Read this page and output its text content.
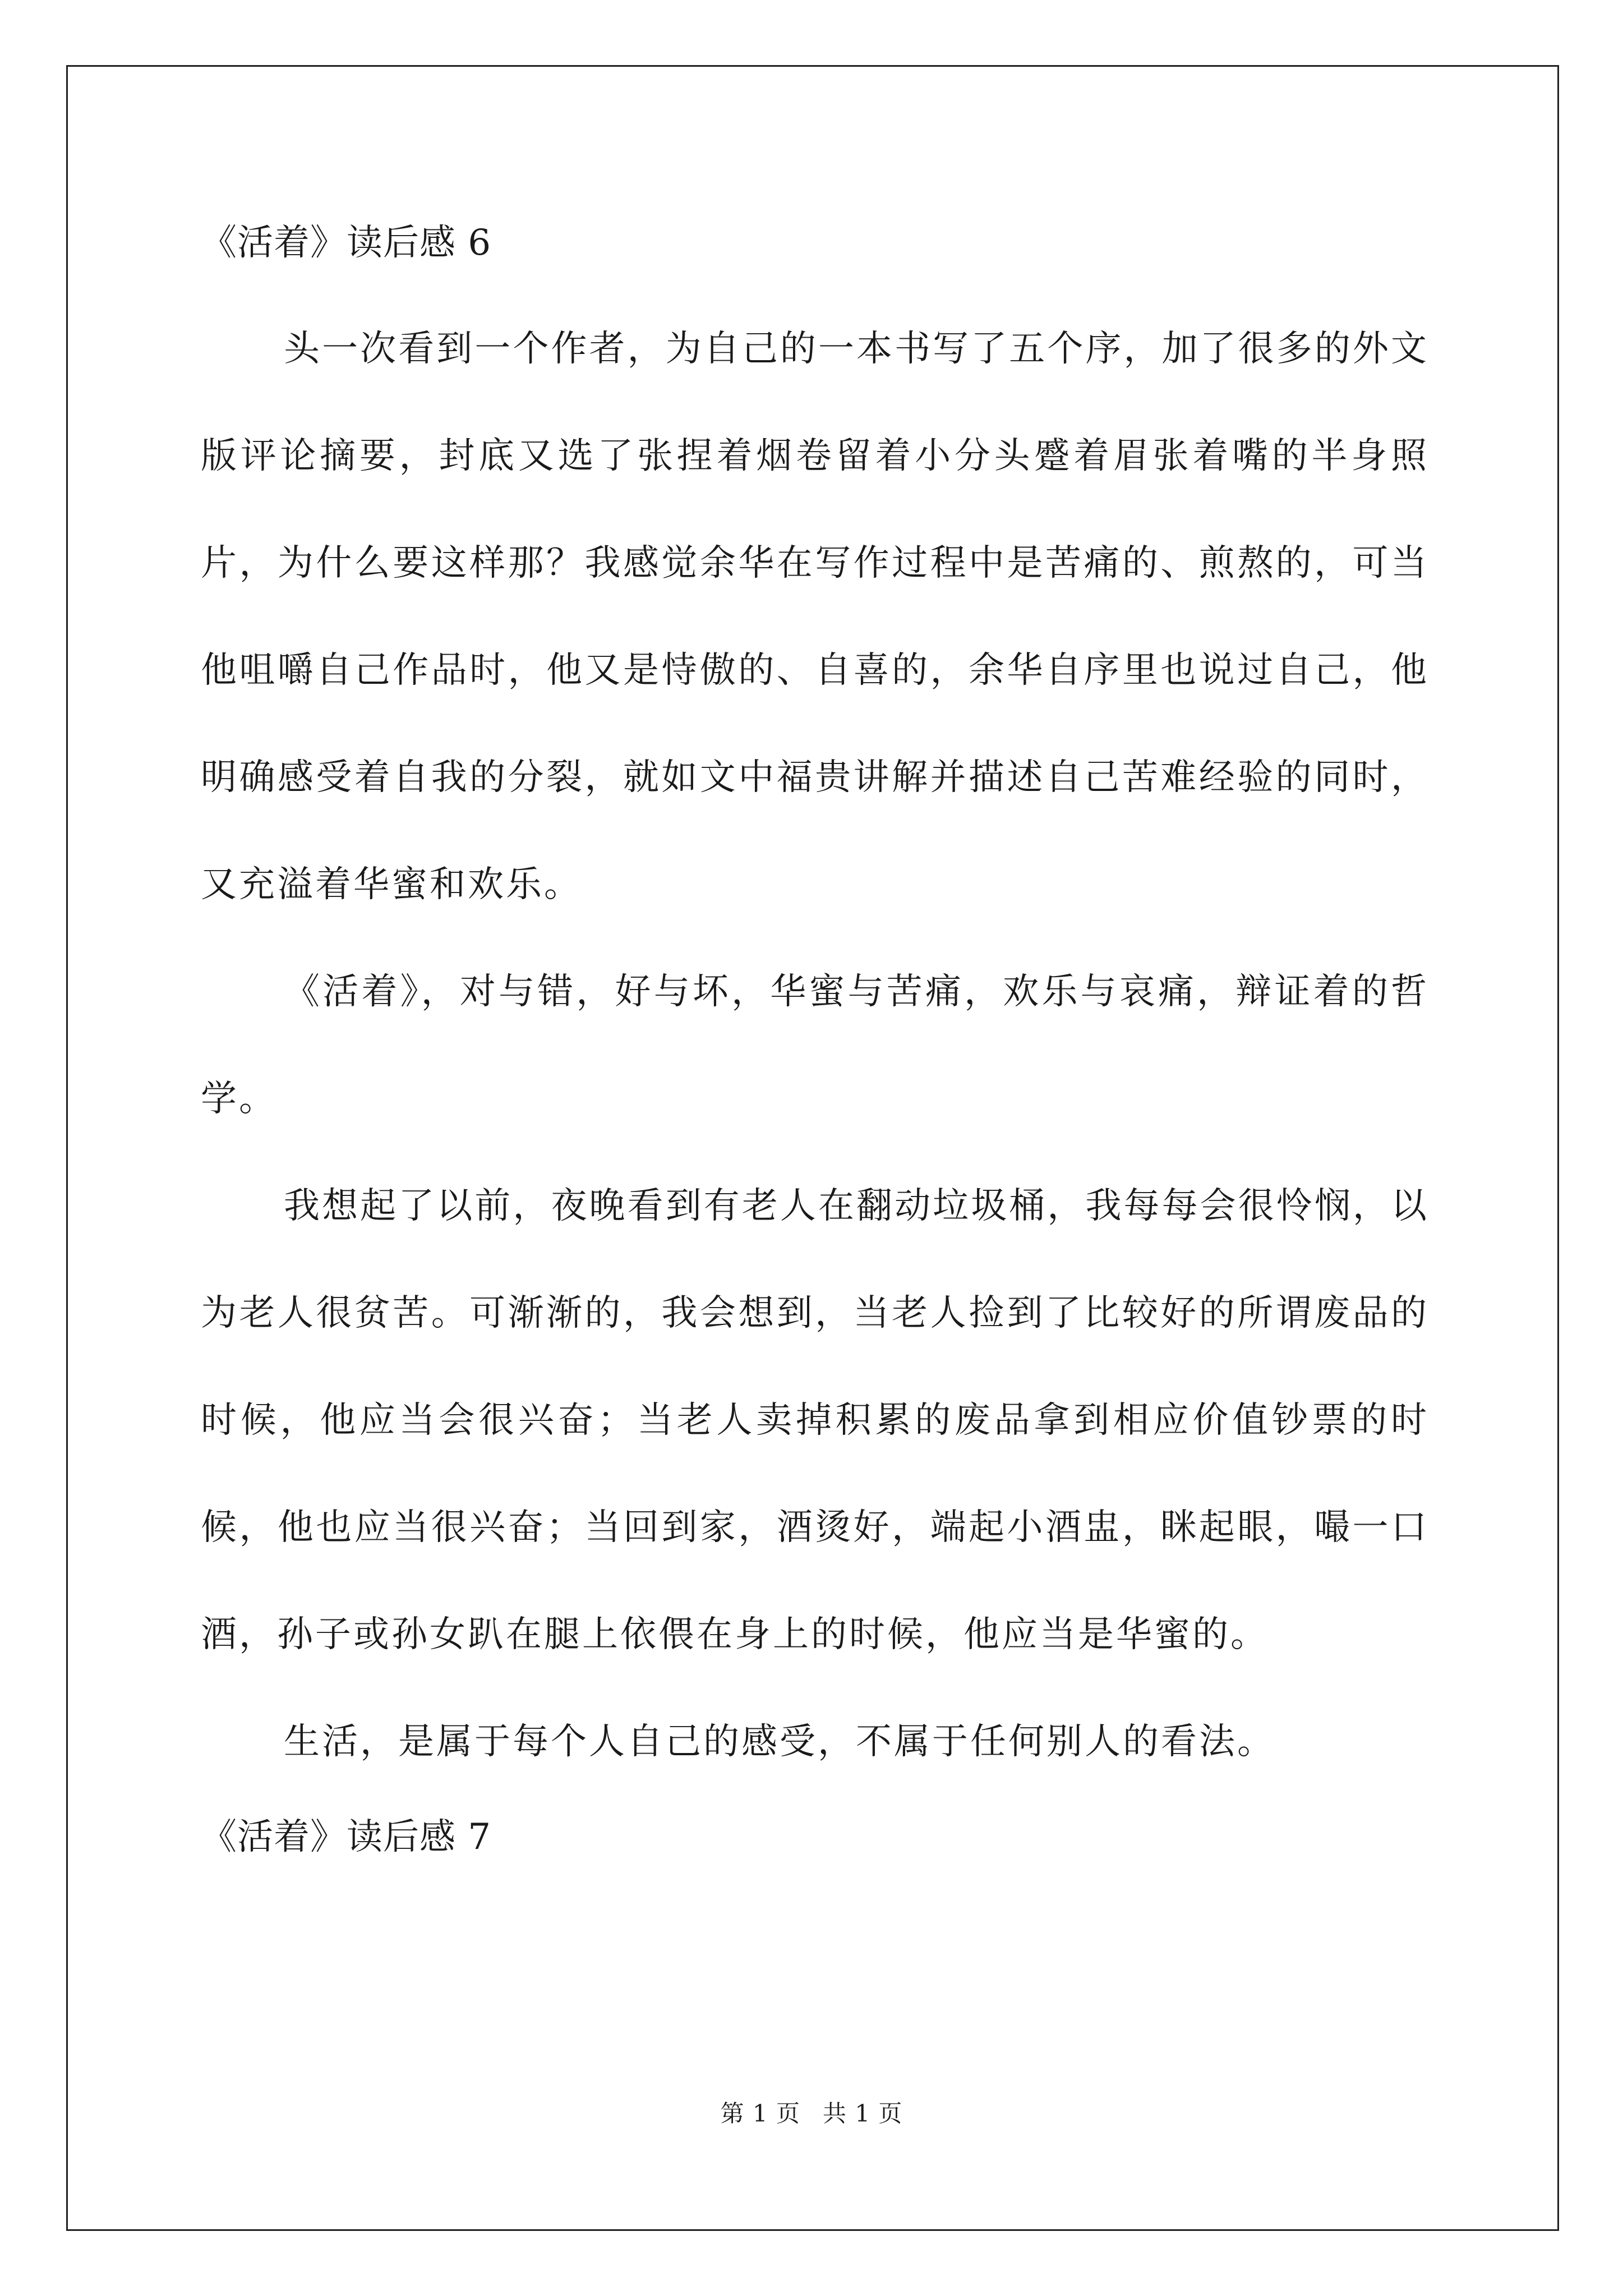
《活着》读后感 6

头一次看到一个作者，为自己的一本书写了五个序，加了很多的外文版评论摘要，封底又选了张捏着烟卷留着小分头蹙着眉张着嘴的半身照片，为什么要这样那？我感觉余华在写作过程中是苦痛的、煎熬的，可当他咀嚼自己作品时，他又是恃傲的、自喜的，余华自序里也说过自己，他明确感受着自我的分裂，就如文中福贵讲解并描述自己苦难经验的同时，又充溢着华蜜和欢乐。

《活着》，对与错，好与坏，华蜜与苦痛，欢乐与哀痛，辩证着的哲学。

我想起了以前，夜晚看到有老人在翻动垃圾桶，我每每会很怜悯，以为老人很贫苦。可渐渐的，我会想到，当老人捡到了比较好的所谓废品的时候，他应当会很兴奋；当老人卖掉积累的废品拿到相应价值钞票的时候，他也应当很兴奋；当回到家，酒烫好，端起小酒盅，眯起眼，嘬一口酒，孙子或孙女趴在腿上依偎在身上的时候，他应当是华蜜的。

生活，是属于每个人自己的感受，不属于任何别人的看法。

《活着》读后感 7
第 1 页 共 1 页
